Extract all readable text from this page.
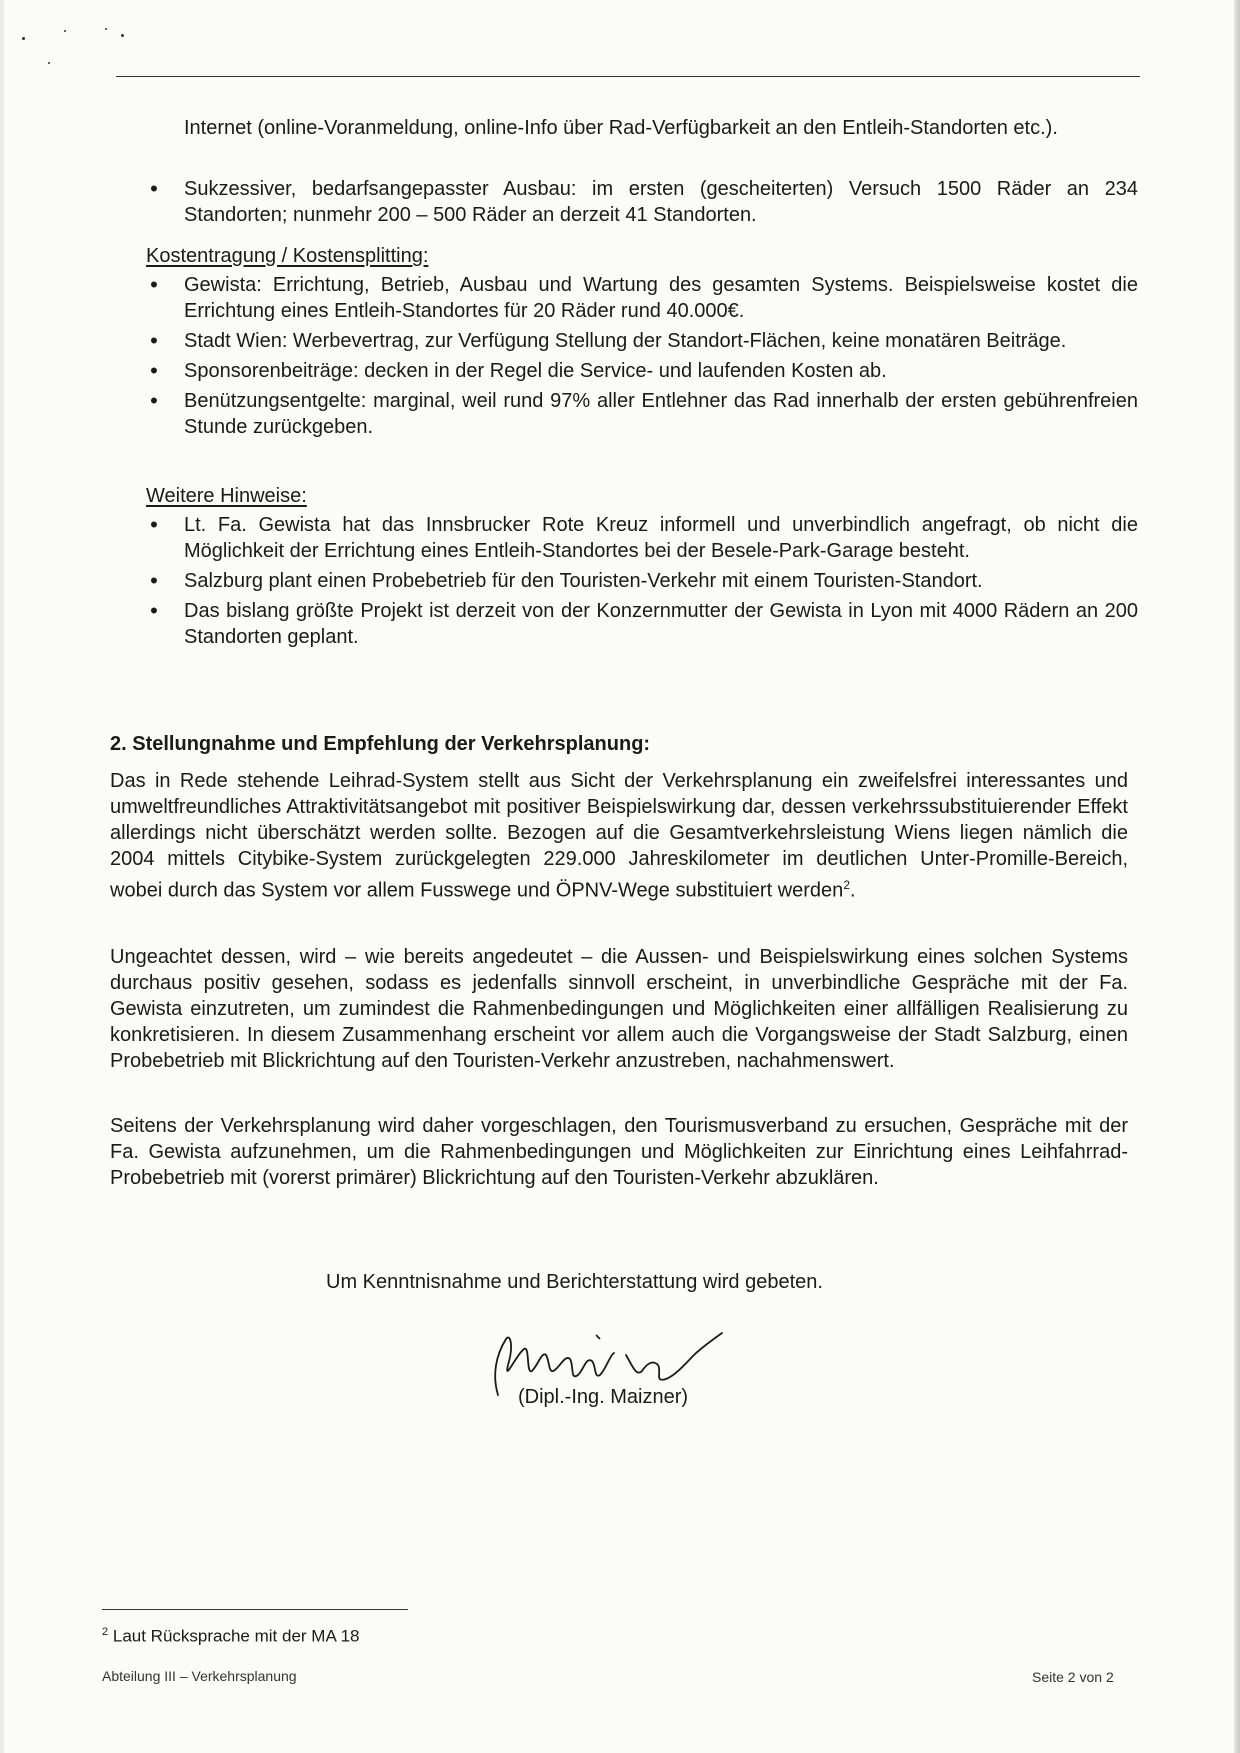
Internet (online-Voranmeldung, online-Info über Rad-Verfügbarkeit an den Entleih-Standorten etc.).
•	Sukzessiver, bedarfsangepasster Ausbau: im ersten (gescheiterten) Versuch 1500 Räder an 234 Standorten; nunmehr 200 – 500 Räder an derzeit 41 Standorten.
Kostentragung / Kostensplitting:
•	Gewista: Errichtung, Betrieb, Ausbau und Wartung des gesamten Systems. Beispielsweise kostet die Errichtung eines Entleih-Standortes für 20 Räder rund 40.000€.
•	Stadt Wien: Werbevertrag, zur Verfügung Stellung der Standort-Flächen, keine monatären Beiträge.
•	Sponsorenbeiträge: decken in der Regel die Service- und laufenden Kosten ab.
•	Benützungsentgelte: marginal, weil rund 97% aller Entlehner das Rad innerhalb der ersten gebührenfreien Stunde zurückgeben.
Weitere Hinweise:
•	Lt. Fa. Gewista hat das Innsbrucker Rote Kreuz informell und unverbindlich angefragt, ob nicht die Möglichkeit der Errichtung eines Entleih-Standortes bei der Besele-Park-Garage besteht.
•	Salzburg plant einen Probebetrieb für den Touristen-Verkehr mit einem Touristen-Standort.
•	Das bislang größte Projekt ist derzeit von der Konzernmutter der Gewista in Lyon mit 4000 Rädern an 200 Standorten geplant.
2. Stellungnahme und Empfehlung der Verkehrsplanung:
Das in Rede stehende Leihrad-System stellt aus Sicht der Verkehrsplanung ein zweifelsfrei interessantes und umweltfreundliches Attraktivitätsangebot mit positiver Beispielswirkung dar, dessen verkehrssubstituierender Effekt allerdings nicht überschätzt werden sollte. Bezogen auf die Gesamtverkehrsleistung Wiens liegen nämlich die 2004 mittels Citybike-System zurückgelegten 229.000 Jahreskilometer im deutlichen Unter-Promille-Bereich, wobei durch das System vor allem Fusswege und ÖPNV-Wege substituiert werden$^2$.
Ungeachtet dessen, wird – wie bereits angedeutet – die Aussen- und Beispielswirkung eines solchen Systems durchaus positiv gesehen, sodass es jedenfalls sinnvoll erscheint, in unverbindliche Gespräche mit der Fa. Gewista einzutreten, um zumindest die Rahmenbedingungen und Möglichkeiten einer allfälligen Realisierung zu konkretisieren. In diesem Zusammenhang erscheint vor allem auch die Vorgangsweise der Stadt Salzburg, einen Probebetrieb mit Blickrichtung auf den Touristen-Verkehr anzustreben, nachahmenswert.
Seitens der Verkehrsplanung wird daher vorgeschlagen, den Tourismusverband zu ersuchen, Gespräche mit der Fa. Gewista aufzunehmen, um die Rahmenbedingungen und Möglichkeiten zur Einrichtung eines Leihfahrrad-Probebetrieb mit (vorerst primärer) Blickrichtung auf den Touristen-Verkehr abzuklären.
Um Kenntnisnahme und Berichterstattung wird gebeten.
(Dipl.-Ing. Maizner)
$^2$ Laut Rücksprache mit der MA 18
Abteilung III – Verkehrsplanung	Seite 2 von 2
